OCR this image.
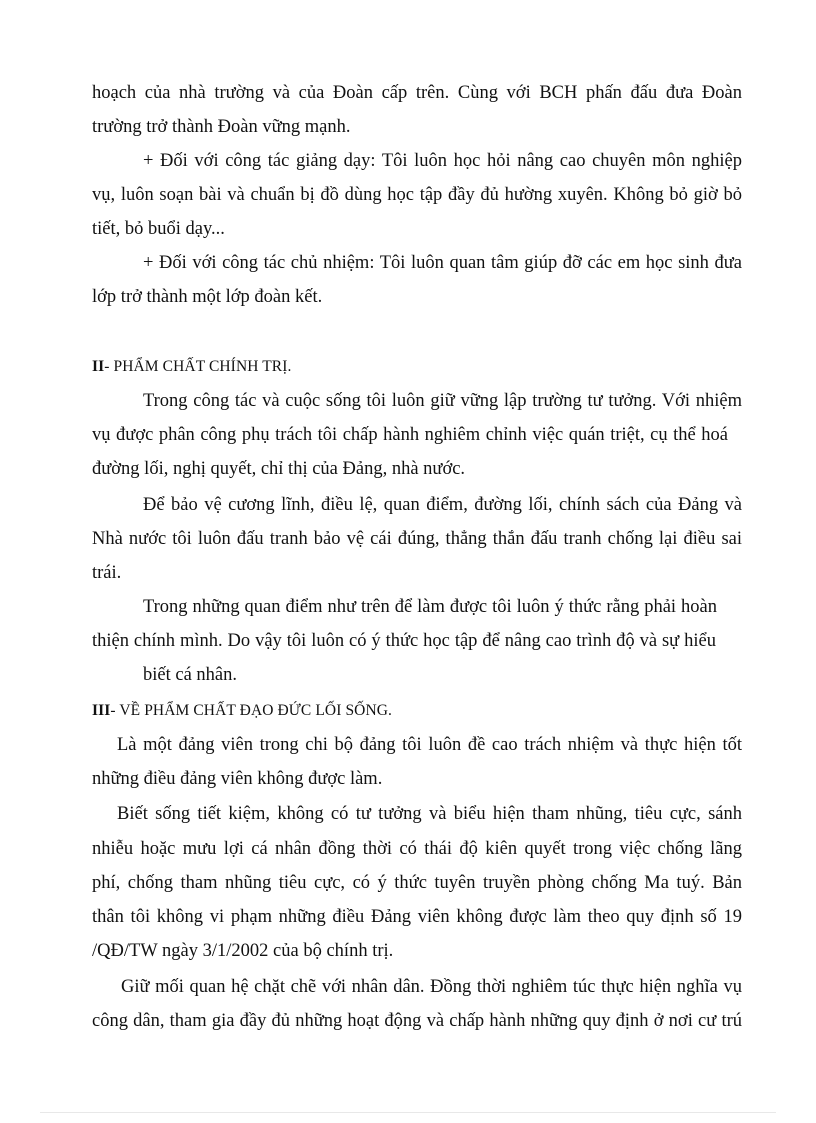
hoạch của nhà trường và của Đoàn cấp trên. Cùng với BCH phấn đấu đưa Đoàn
trường trở thành Đoàn vững mạnh.
+ Đối với công tác giảng dạy: Tôi luôn học hỏi nâng cao chuyên môn nghiệp
vụ, luôn soạn bài và chuẩn bị đồ dùng học tập đầy đủ hường xuyên. Không bỏ giờ bỏ
tiết, bỏ buổi dạy...
+ Đối với công tác chủ nhiệm: Tôi luôn quan tâm giúp đỡ các em học sinh đưa
lớp trở thành một lớp đoàn kết.
II- PHẨM CHẤT CHÍNH TRỊ.
Trong công tác và cuộc sống tôi luôn giữ vững lập trường tư tưởng. Với nhiệm
vụ được phân công phụ trách tôi chấp hành nghiêm chỉnh việc quán triệt, cụ thể hoá
đường lối, nghị quyết, chỉ thị của Đảng, nhà nước.
Để bảo vệ cương lĩnh, điều lệ, quan điểm, đường lối, chính sách của Đảng và
Nhà nước tôi luôn đấu tranh bảo vệ cái đúng, thẳng thắn đấu tranh chống lại điều sai
trái.
Trong những quan điểm như trên để làm được tôi luôn ý thức rằng phải hoàn
thiện chính mình. Do vậy tôi luôn có ý thức học tập để nâng cao trình độ và sự hiểu
biết cá nhân.
III- VỀ PHẨM CHẤT ĐẠO ĐỨC LỐI SỐNG.
Là một đảng viên trong chi bộ đảng tôi luôn đề cao trách nhiệm và thực hiện tốt
những điều đảng viên không được làm.
Biết sống tiết kiệm, không có tư tưởng và biểu hiện tham nhũng, tiêu cực, sánh
nhiễu hoặc mưu lợi cá nhân đồng thời có thái độ kiên quyết trong việc chống lãng
phí, chống tham nhũng tiêu cực, có ý thức tuyên truyền phòng chống Ma tuý. Bản
thân tôi không vi phạm những điều Đảng viên không được làm theo quy định số 19
/QĐ/TW ngày 3/1/2002 của bộ chính trị.
Giữ mối quan hệ chặt chẽ với nhân dân. Đồng thời nghiêm túc thực hiện nghĩa vụ
công dân, tham gia đầy đủ những hoạt động và chấp hành những quy định ở nơi cư trú
